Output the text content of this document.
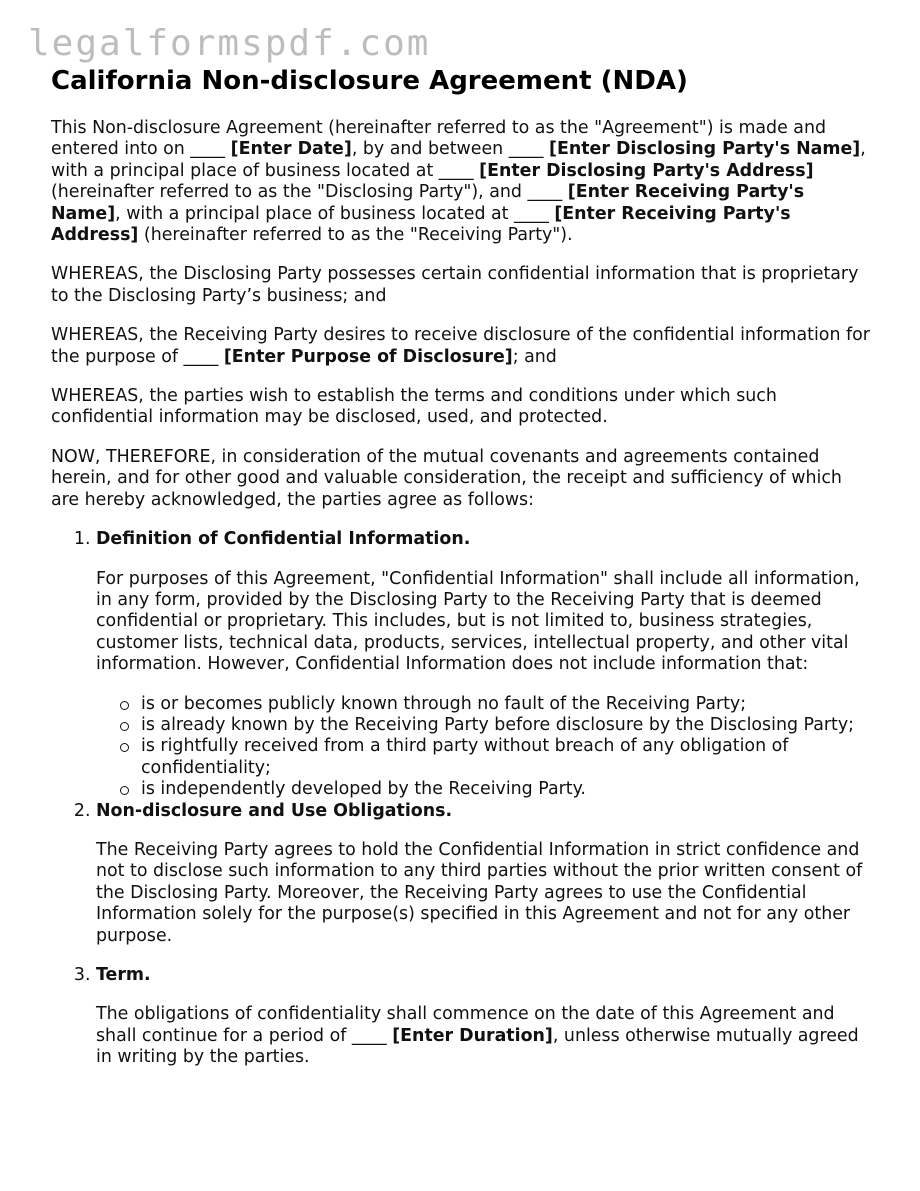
legalformspdf.com
California Non-disclosure Agreement (NDA)

This Non-disclosure Agreement (hereinafter referred to as the "Agreement") is made and entered into on ____ [Enter Date], by and between ____ [Enter Disclosing Party's Name], with a principal place of business located at ____ [Enter Disclosing Party's Address] (hereinafter referred to as the "Disclosing Party"), and ____ [Enter Receiving Party's Name], with a principal place of business located at ____ [Enter Receiving Party's Address] (hereinafter referred to as the "Receiving Party").

WHEREAS, the Disclosing Party possesses certain confidential information that is proprietary to the Disclosing Party’s business; and

WHEREAS, the Receiving Party desires to receive disclosure of the confidential information for the purpose of ____ [Enter Purpose of Disclosure]; and

WHEREAS, the parties wish to establish the terms and conditions under which such confidential information may be disclosed, used, and protected.

NOW, THEREFORE, in consideration of the mutual covenants and agreements contained herein, and for other good and valuable consideration, the receipt and sufficiency of which are hereby acknowledged, the parties agree as follows:

1. Definition of Confidential Information.

For purposes of this Agreement, "Confidential Information" shall include all information, in any form, provided by the Disclosing Party to the Receiving Party that is deemed confidential or proprietary. This includes, but is not limited to, business strategies, customer lists, technical data, products, services, intellectual property, and other vital information. However, Confidential Information does not include information that:

is or becomes publicly known through no fault of the Receiving Party;
is already known by the Receiving Party before disclosure by the Disclosing Party;
is rightfully received from a third party without breach of any obligation of confidentiality;
is independently developed by the Receiving Party.
2. Non-disclosure and Use Obligations.

The Receiving Party agrees to hold the Confidential Information in strict confidence and not to disclose such information to any third parties without the prior written consent of the Disclosing Party. Moreover, the Receiving Party agrees to use the Confidential Information solely for the purpose(s) specified in this Agreement and not for any other purpose.

3. Term.

The obligations of confidentiality shall commence on the date of this Agreement and shall continue for a period of ____ [Enter Duration], unless otherwise mutually agreed in writing by the parties.
